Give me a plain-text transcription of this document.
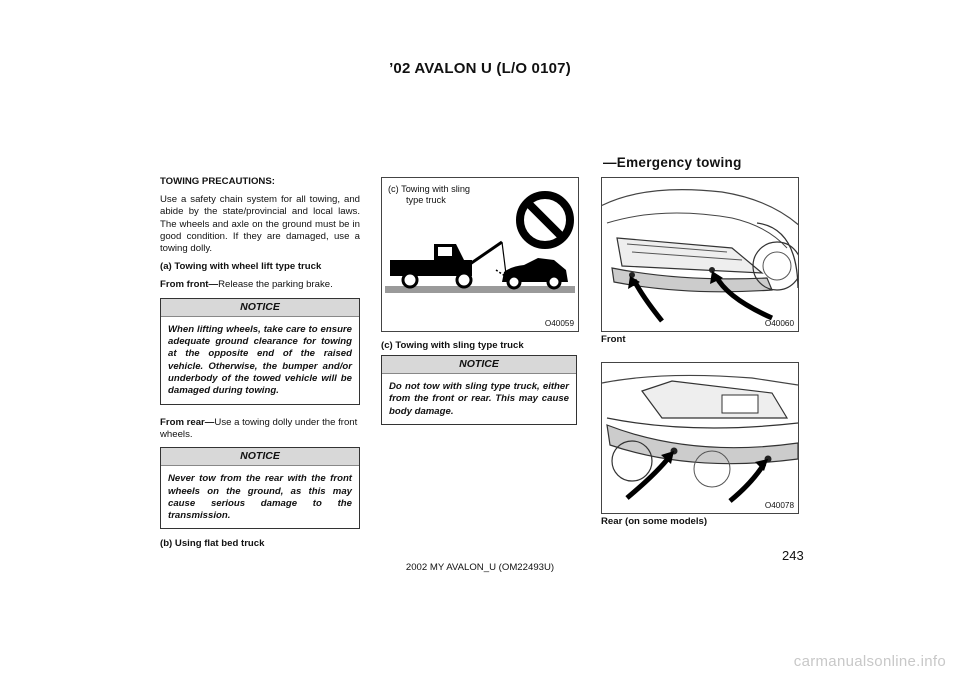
’02 AVALON U (L/O 0107)
—Emergency towing

TOWING PRECAUTIONS:

Use a safety chain system for all towing, and abide by the state/provincial and local laws. The wheels and axle on the ground must be in good condition. If they are damaged, use a towing dolly.

(a) Towing with wheel lift type truck

From front—Release the parking brake.

NOTICE
When lifting wheels, take care to ensure adequate ground clearance for towing at the opposite end of the raised vehicle. Otherwise, the bumper and/or underbody of the towed vehicle will be damaged during towing.

From rear—Use a towing dolly under the front wheels.

NOTICE
Never tow from the rear with the front wheels on the ground, as this may cause serious damage to the transmission.

(b) Using flat bed truck

(c) Towing with sling
type truck
O40059
(c) Towing with sling type truck
NOTICE
Do not tow with sling type truck, either from the front or rear. This may cause body damage.
O40060
Front
O40078
Rear (on some models)
243
2002 MY AVALON_U (OM22493U)
carmanualsonline.info
